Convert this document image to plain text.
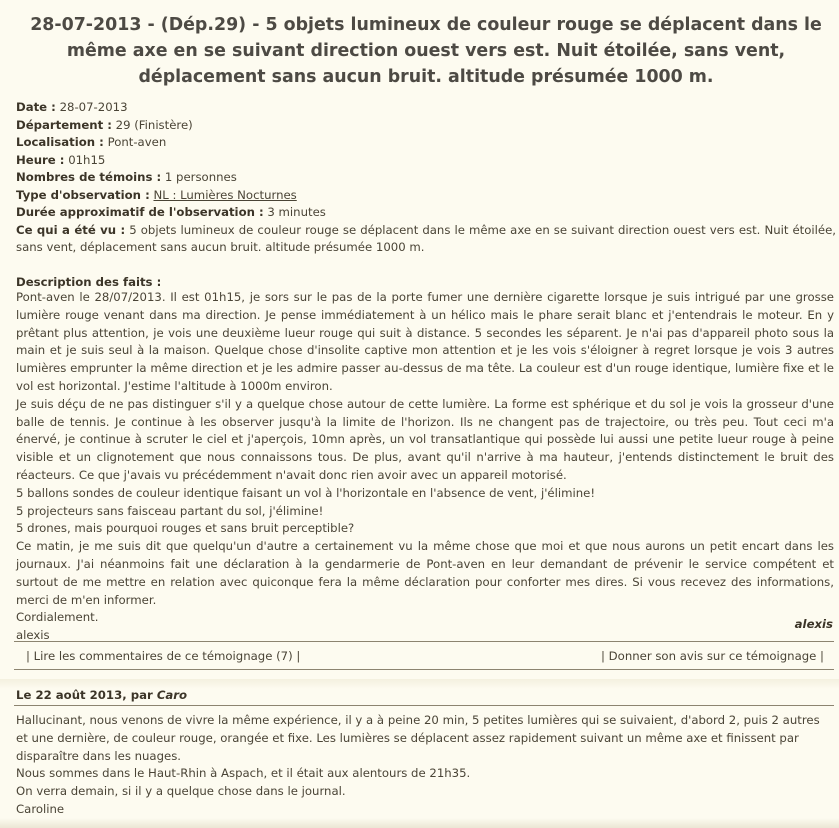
28-07-2013 - (Dép.29) - 5 objets lumineux de couleur rouge se déplacent dans le même axe en se suivant direction ouest vers est. Nuit étoilée, sans vent, déplacement sans aucun bruit. altitude présumée 1000 m.
Date : 28-07-2013
Département : 29 (Finistère)
Localisation : Pont-aven
Heure : 01h15
Nombres de témoins : 1 personnes
Type d'observation : NL : Lumières Nocturnes
Durée approximatif de l'observation : 3 minutes
Ce qui a été vu : 5 objets lumineux de couleur rouge se déplacent dans le même axe en se suivant direction ouest vers est. Nuit étoilée, sans vent, déplacement sans aucun bruit. altitude présumée 1000 m.
Description des faits :

Pont-aven le 28/07/2013. Il est 01h15, je sors sur le pas de la porte fumer une dernière cigarette lorsque je suis intrigué par une grosse lumière rouge venant dans ma direction. Je pense immédiatement à un hélico mais le phare serait blanc et j'entendrais le moteur. En y prêtant plus attention, je vois une deuxième lueur rouge qui suit à distance. 5 secondes les séparent. Je n'ai pas d'appareil photo sous la main et je suis seul à la maison. Quelque chose d'insolite captive mon attention et je les vois s'éloigner à regret lorsque je vois 3 autres lumières emprunter la même direction et je les admire passer au-dessus de ma tête. La couleur est d'un rouge identique, lumière fixe et le vol est horizontal. J'estime l'altitude à 1000m environ.

Je suis déçu de ne pas distinguer s'il y a quelque chose autour de cette lumière. La forme est sphérique et du sol je vois la grosseur d'une balle de tennis. Je continue à les observer jusqu'à la limite de l'horizon. Ils ne changent pas de trajectoire, ou très peu. Tout ceci m'a énervé, je continue à scruter le ciel et j'aperçois, 10mn après, un vol transatlantique qui possède lui aussi une petite lueur rouge à peine visible et un clignotement que nous connaissons tous. De plus, avant qu'il n'arrive à ma hauteur, j'entends distinctement le bruit des réacteurs. Ce que j'avais vu précédemment n'avait donc rien avoir avec un appareil motorisé.

5 ballons sondes de couleur identique faisant un vol à l'horizontale en l'absence de vent, j'élimine!

5 projecteurs sans faisceau partant du sol, j'élimine!

5 drones, mais pourquoi rouges et sans bruit perceptible?

Ce matin, je me suis dit que quelqu'un d'autre a certainement vu la même chose que moi et que nous aurons un petit encart dans les journaux. J'ai néanmoins fait une déclaration à la gendarmerie de Pont-aven en leur demandant de prévenir le service compétent et surtout de me mettre en relation avec quiconque fera la même déclaration pour conforter mes dires. Si vous recevez des informations, merci de m'en informer.

Cordialement.

alexis

alexis
| Lire les commentaires de ce témoignage (7) |	| Donner son avis sur ce témoignage |
Le 22 août 2013, par Caro

Hallucinant, nous venons de vivre la même expérience, il y a à peine 20 min, 5 petites lumières qui se suivaient, d'abord 2, puis 2 autres et une dernière, de couleur rouge, orangée et fixe. Les lumières se déplacent assez rapidement suivant un même axe et finissent par disparaître dans les nuages.

Nous sommes dans le Haut-Rhin à Aspach, et il était aux alentours de 21h35.

On verra demain, si il y a quelque chose dans le journal.

Caroline
